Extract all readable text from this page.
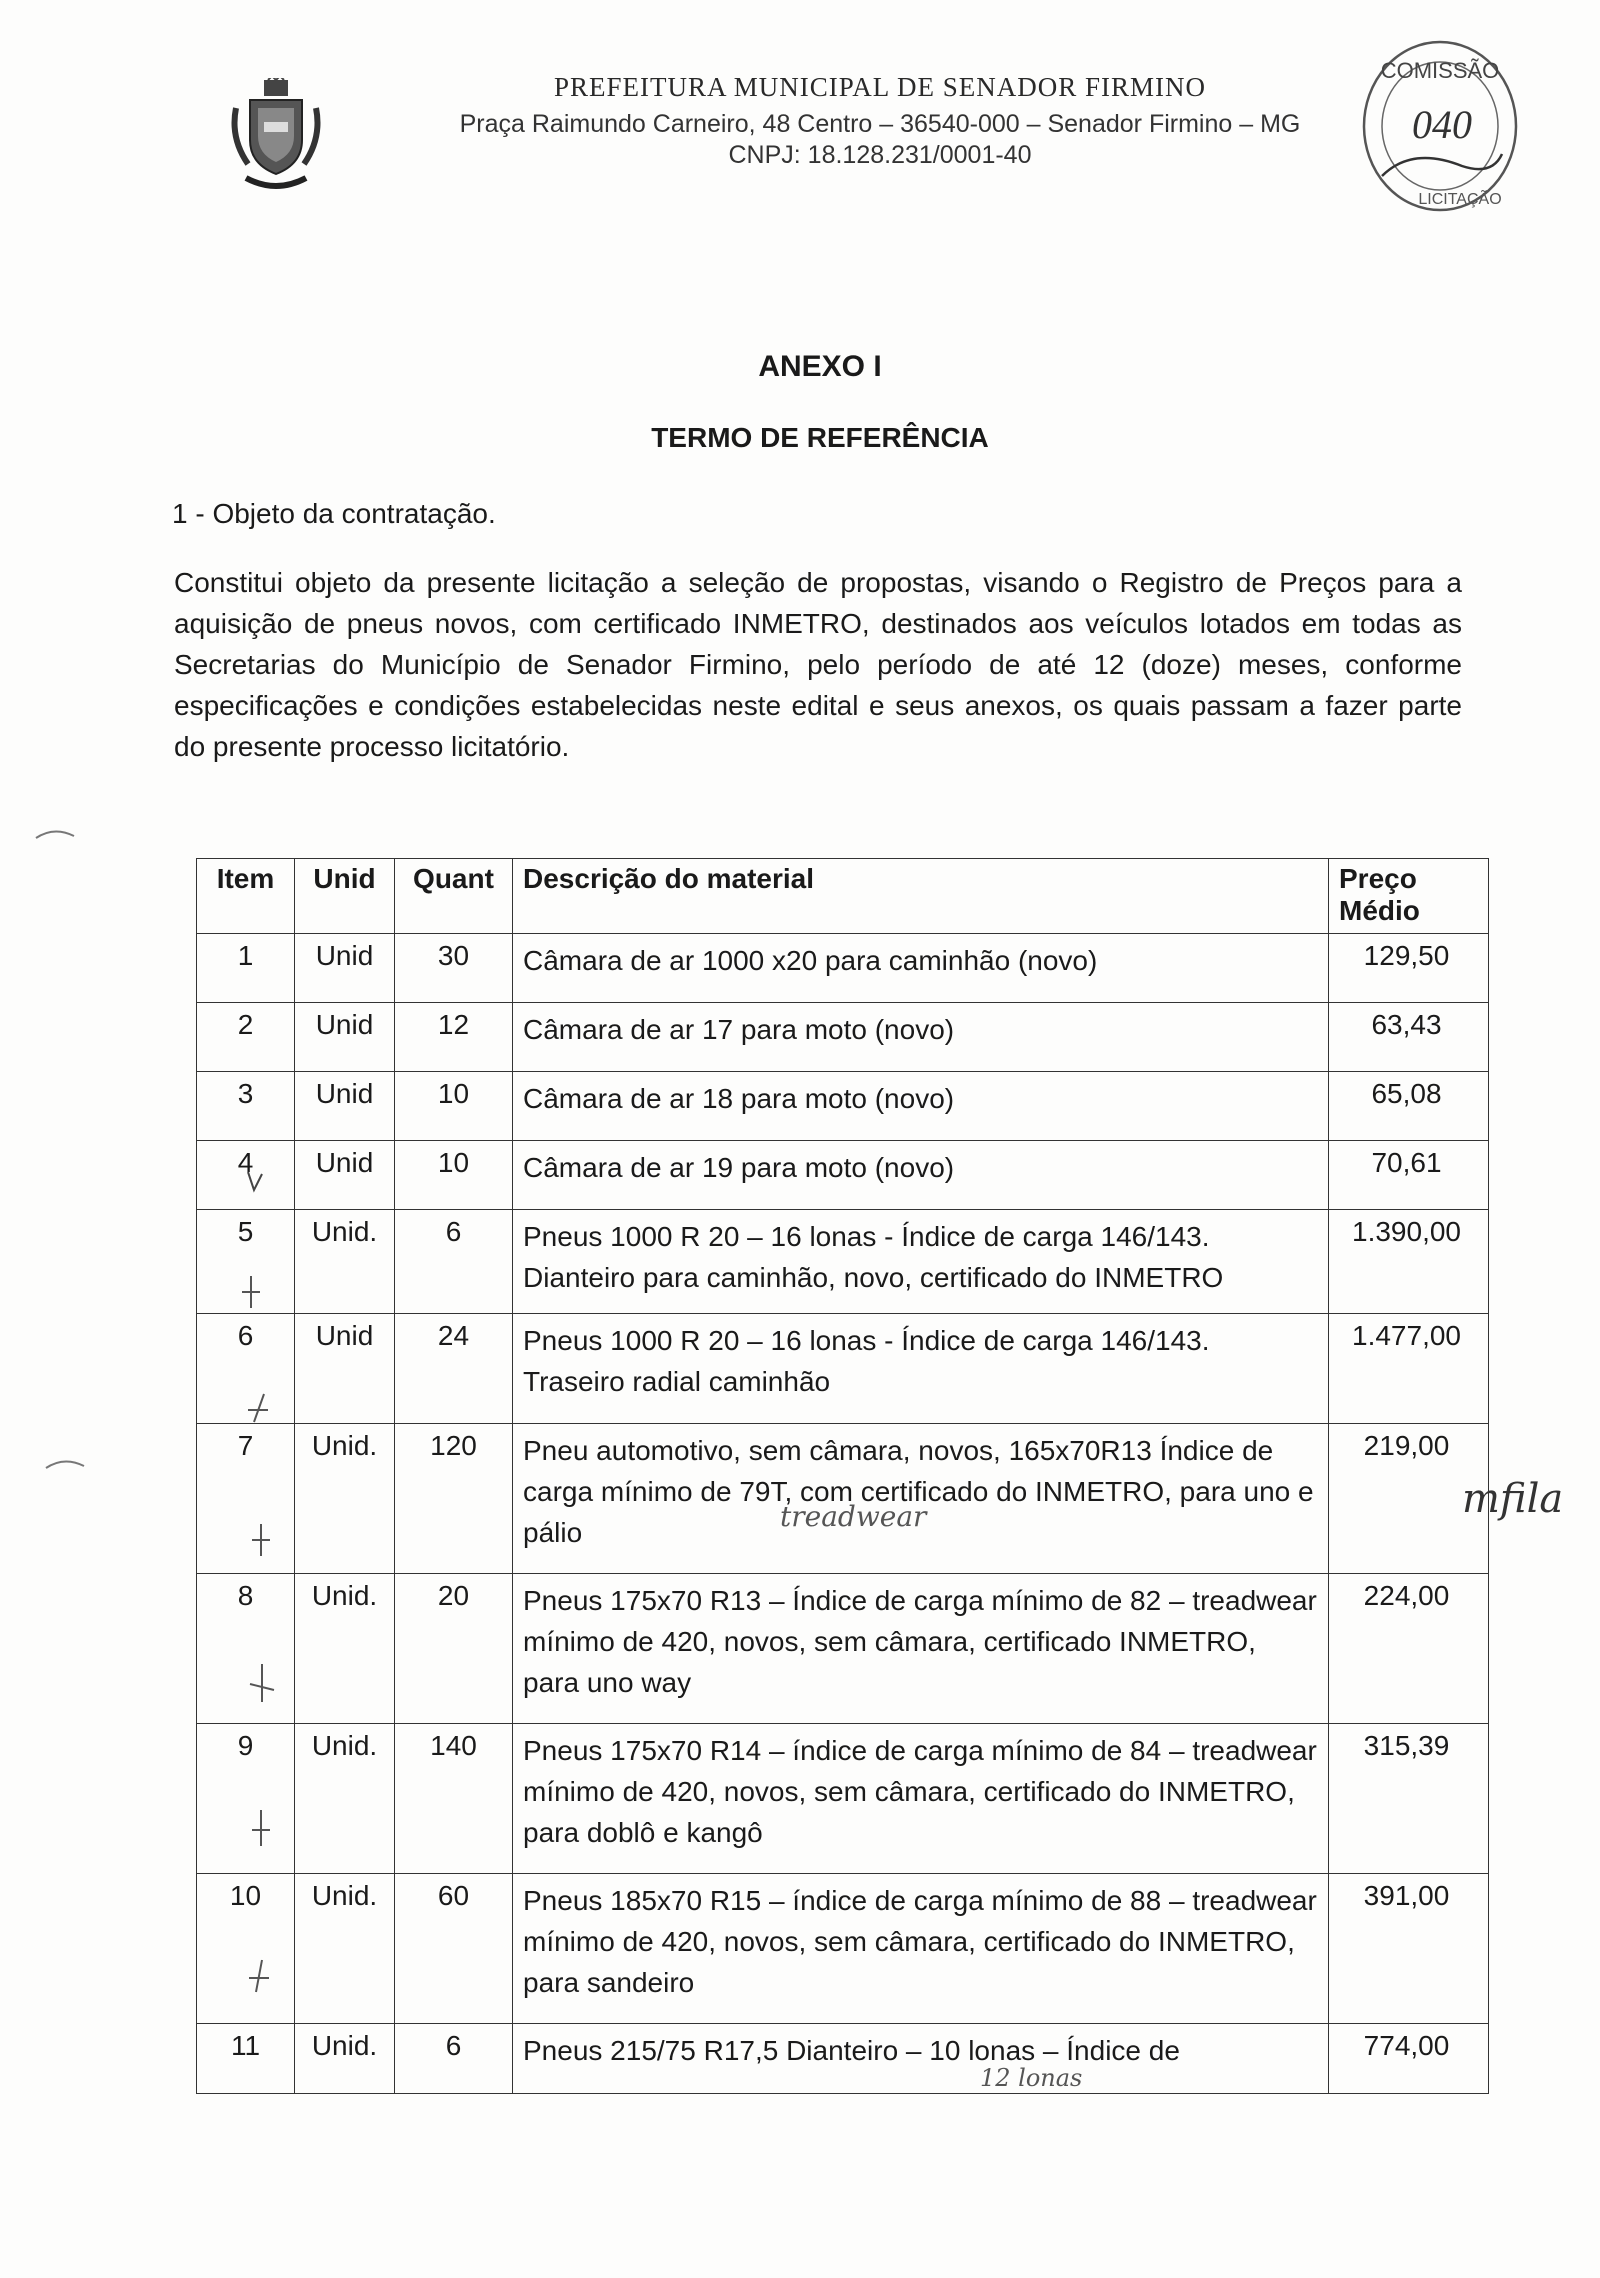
PREFEITURA MUNICIPAL DE SENADOR FIRMINO
Praça Raimundo Carneiro, 48 Centro – 36540-000 – Senador Firmino – MG
CNPJ: 18.128.231/0001-40
COMISSÃO
040
LICITAÇÃO
ANEXO I
TERMO DE REFERÊNCIA
1 - Objeto da contratação.
Constitui objeto da presente licitação a seleção de propostas, visando o Registro de Preços para a aquisição de pneus novos, com certificado INMETRO, destinados aos veículos lotados em todas as Secretarias do Município de Senador Firmino, pelo período de até 12 (doze) meses, conforme especificações e condições estabelecidas neste edital e seus anexos, os quais passam a fazer parte do presente processo licitatório.
Item	Unid	Quant	Descrição do material	Preço Médio
1	Unid	30	Câmara de ar 1000 x20 para caminhão (novo)	129,50
2	Unid	12	Câmara de ar 17 para moto (novo)	63,43
3	Unid	10	Câmara de ar 18 para moto (novo)	65,08
4	Unid	10	Câmara de ar 19 para moto (novo)	70,61
5	Unid.	6	Pneus 1000 R 20 – 16 lonas - Índice de carga 146/143. Dianteiro para caminhão, novo, certificado do INMETRO	1.390,00
6	Unid	24	Pneus 1000 R 20 – 16 lonas - Índice de carga 146/143. Traseiro radial caminhão	1.477,00
7	Unid.	120	Pneu automotivo, sem câmara, novos, 165x70R13 Índice de carga mínimo de 79T, com certificado do INMETRO, para uno e pálio	219,00
8	Unid.	20	Pneus 175x70 R13 – Índice de carga mínimo de 82 – treadwear mínimo de 420, novos, sem câmara, certificado INMETRO, para uno way	224,00
9	Unid.	140	Pneus 175x70 R14 – índice de carga mínimo de 84 – treadwear mínimo de 420, novos, sem câmara, certificado do INMETRO, para doblô e kangô	315,39
10	Unid.	60	Pneus 185x70 R15 – índice de carga mínimo de 88 – treadwear mínimo de 420, novos, sem câmara, certificado do INMETRO, para sandeiro	391,00
11	Unid.	6	Pneus 215/75 R17,5 Dianteiro – 10 lonas – Índice de	774,00
treadwear	mfila
12 lonas
